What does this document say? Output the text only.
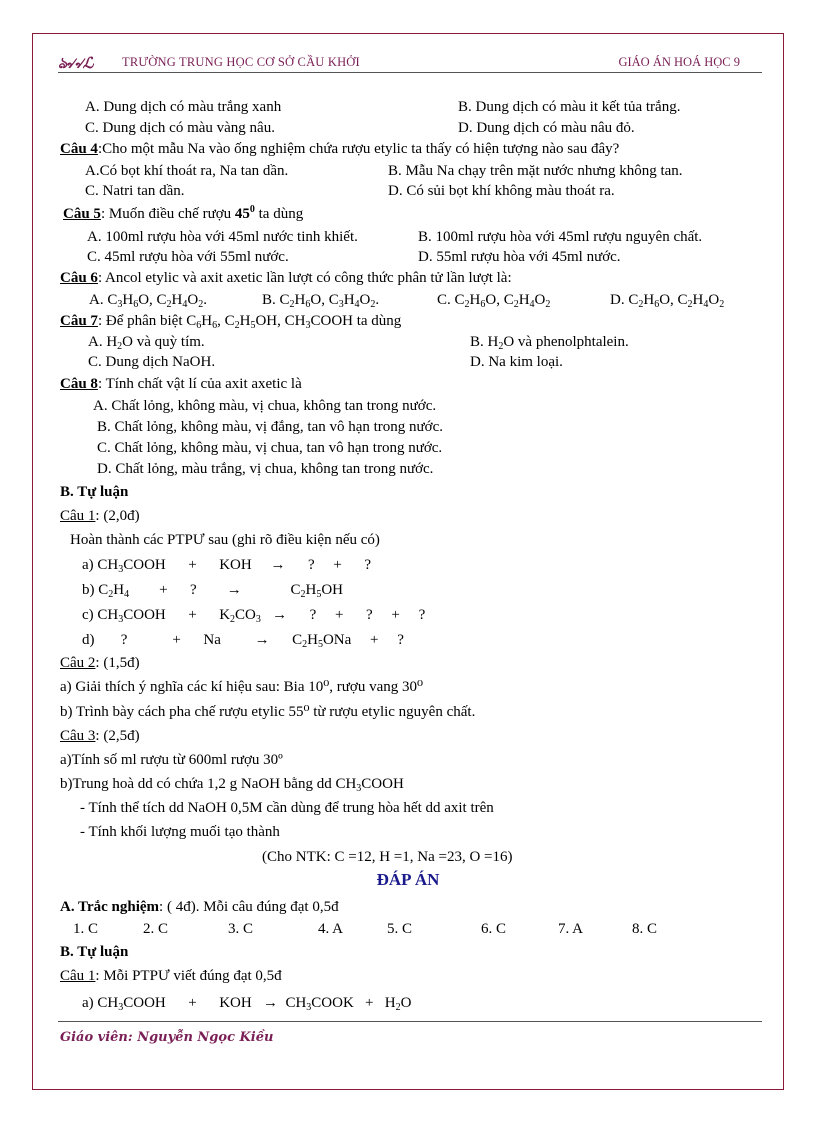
ঌ৵৵ℒ TRƯỜNG TRUNG HỌC CƠ SỞ CẦU KHỞI	GIÁO ÁN HOÁ HỌC 9
A. Dung dịch có màu trắng xanh	B. Dung dịch có màu it kết tủa trắng.
C. Dung dịch có màu vàng nâu.	D. Dung dịch có màu nâu đỏ.
Câu 4:Cho một mẫu Na vào ống nghiệm chứa rượu etylic ta thấy có hiện tượng nào sau đây?
A.Có bọt khí thoát ra, Na tan dần.	B. Mẫu Na chạy trên mặt nước nhưng không tan.
C. Natri tan dần.	D. Có sủi bọt khí không màu thoát ra.
Câu 5: Muốn điều chế rượu $45^0$ ta dùng
A. 100ml rượu hòa với 45ml nước tinh khiết.	B. 100ml rượu hòa với 45ml rượu nguyên chất.
C. 45ml rượu hòa với 55ml nước.	D. 55ml rượu hòa với 45ml nước.
Câu 6: Ancol etylic và axit axetic lần lượt có công thức phân tử lần lượt là:
A. $C_3H_6O$, $C_2H_4O_2$.	B. $C_2H_6O$, $C_3H_4O_2$.	C. $C_2H_6O$, $C_2H_4O_2$	D. $C_2H_6O$, $C_2H_4O_2$
Câu 7: Để phân biệt $C_6H_6$, $C_2H_5OH$, $CH_3COOH$ ta dùng
A. $H_2O$ và quỳ tím.	B. $H_2O$ và phenolphtalein.
C. Dung dịch NaOH.	D. Na kim loại.
Câu 8: Tính chất vật lí của axit axetic là
A. Chất lỏng, không màu, vị chua, không tan trong nước.
B. Chất lỏng, không màu, vị đắng, tan vô hạn trong nước.
C. Chất lỏng, không màu, vị chua, tan vô hạn trong nước.
D. Chất lỏng, màu trắng, vị chua, không tan trong nước.
B. Tự luận
Câu 1: (2,0đ)
Hoàn thành các PTPƯ sau (ghi rõ điều kiện nếu có)
a) $CH_3COOH$      +      KOH     →      ?     +      ?
b) $C_2H_4$        +      ?        →             $C_2H_5OH$
c) $CH_3COOH$      +      $K_2CO_3$   →      ?     +      ?     +     ?
d)       ?            +      Na         →      $C_2H_5ONa$     +     ?
Câu 2: (1,5đ)
a) Giải thích ý nghĩa các kí hiệu sau: Bia 10⁰, rượu vang 30⁰
b) Trình bày cách pha chế rượu etylic 55⁰ từ rượu etylic nguyên chất.
Câu 3: (2,5đ)
a)Tính số ml rượu từ 600ml rượu 30º
b)Trung hoà dd có chứa 1,2 g NaOH bằng dd $CH_3COOH$
- Tính thể tích dd NaOH 0,5M cần dùng để trung hòa hết dd axit trên
- Tính khối lượng muối tạo thành
(Cho NTK: C =12, H =1, Na =23, O =16)
ĐÁP ÁN
A. Trắc nghiệm: ( 4đ). Mỗi câu đúng đạt 0,5đ
1. C	2. C	3. C	4. A	5. C	6. C	7. A	8. C
B. Tự luận
Câu 1: Mỗi PTPƯ viết đúng đạt 0,5đ
a) $CH_3COOH$      +      KOH   →  $CH_3COOK + H_2O$
Giáo viên: Nguyễn Ngọc Kiều
